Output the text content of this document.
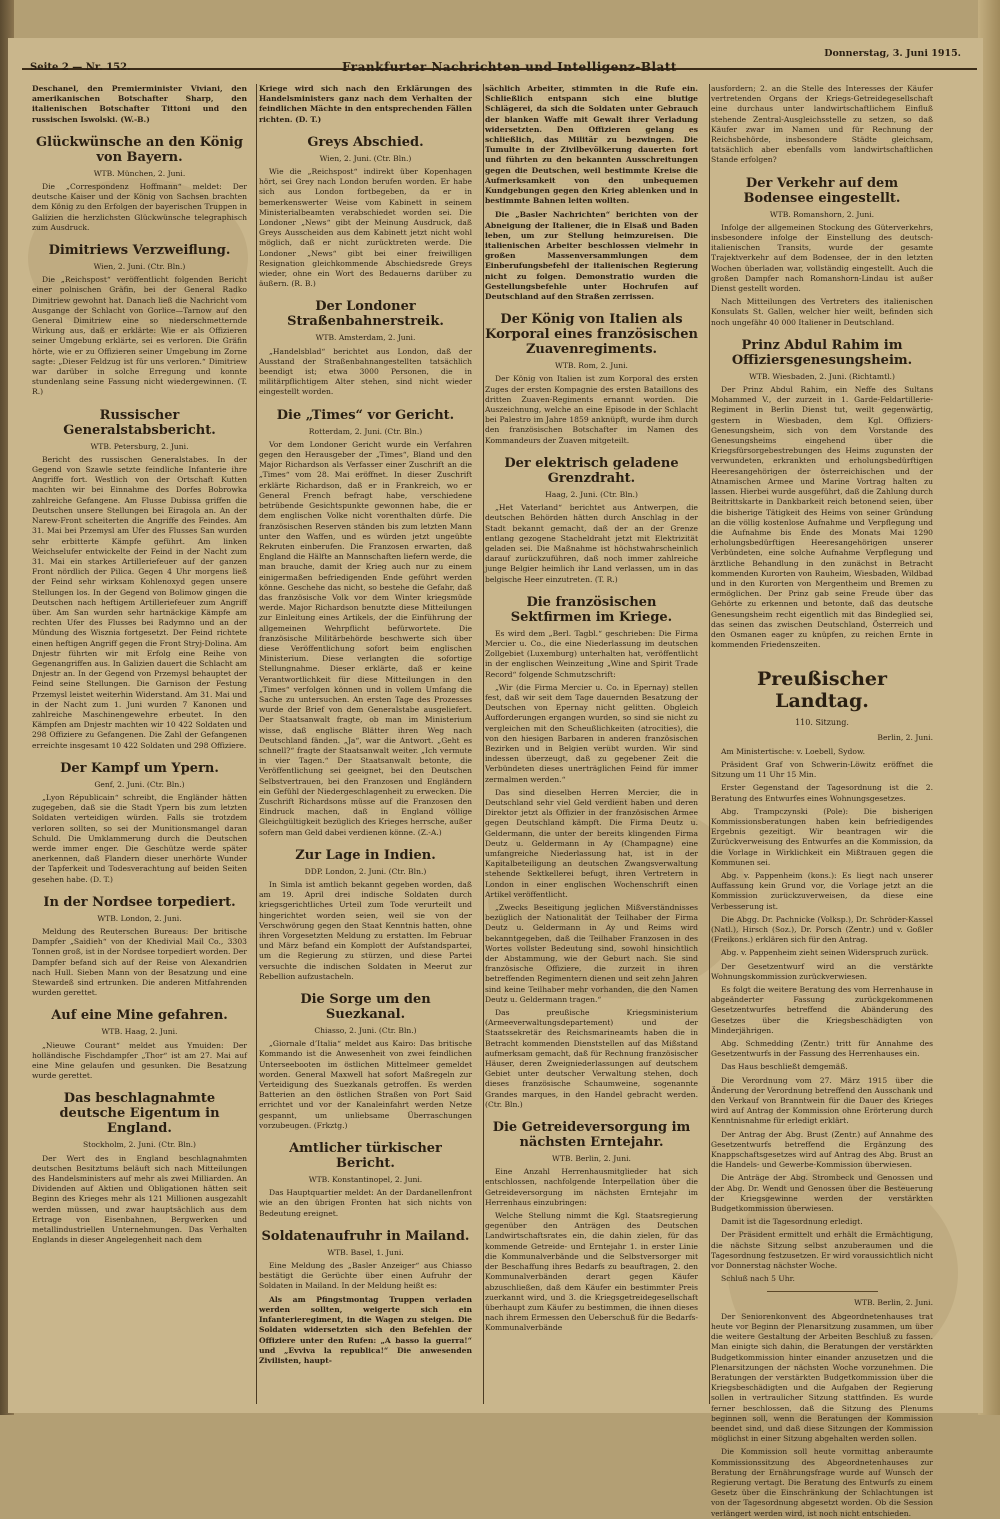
Seite 2 — Nr. 152.	Frankfurter Nachrichten und Intelligenz-Blatt
Donnerstag, 3. Juni 1915.
Deschanel, den Premierminister Viviani, den amerikanischen Botschafter Sharp, den italienischen Botschafter Tittoni und den russischen Iswolski. (W.-B.)
Glückwünsche an den König von Bayern.
WTB. München, 2. Juni.

Die „Correspondenz Hoffmann“ meldet: Der deutsche Kaiser und der König von Sachsen brachten dem König zu den Erfolgen der bayerischen Truppen in Galizien die herzlichsten Glückwünsche telegraphisch zum Ausdruck.

Dimitriews Verzweiflung.
Wien, 2. Juni. (Ctr. Bln.)

Die „Reichspost“ veröffentlicht folgenden Bericht einer polnischen Gräfin, bei der General Radko Dimitriew gewohnt hat. Danach ließ die Nachricht vom Ausgange der Schlacht von Gorlice—Tarnow auf den General Dimitriew eine so niederschmetternde Wirkung aus, daß er erklärte: Wie er als Offizieren seiner Umgebung erklärte, sei es verloren. Die Gräfin hörte, wie er zu Offizieren seiner Umgebung im Zorne sagte: „Dieser Feldzug ist für uns verloren.“ Dimitriew war darüber in solche Erregung und konnte stundenlang seine Fassung nicht wiedergewinnen. (T. R.)

Russischer Generalstabsbericht.
WTB. Petersburg, 2. Juni.

Bericht des russischen Generalstabes. In der Gegend von Szawle setzte feindliche Infanterie ihre Angriffe fort. Westlich von der Ortschaft Kutten machten wir bei Einnahme des Dorfes Bobrowka zahlreiche Gefangene. Am Flusse Dubissa griffen die Deutschen unsere Stellungen bei Eiragola an. An der Narew-Front scheiterten die Angriffe des Feindes. Am 31. Mai bei Przemysl am Ufer des Flusses San wurden sehr erbitterte Kämpfe geführt. Am linken Weichselufer entwickelte der Feind in der Nacht zum 31. Mai ein starkes Artilleriefeuer auf der ganzen Front nördlich der Pilica. Gegen 4 Uhr morgens ließ der Feind sehr wirksam Kohlenoxyd gegen unsere Stellungen los. In der Gegend von Bolimow gingen die Deutschen nach heftigem Artilleriefeuer zum Angriff über. Am San wurden sehr hartnäckige Kämpfe am rechten Ufer des Flusses bei Radymno und an der Mündung des Wisznia fortgesetzt. Der Feind richtete einen heftigen Angriff gegen die Front Stryj-Dolina. Am Dnjestr führten wir mit Erfolg eine Reihe von Gegenangriffen aus. In Galizien dauert die Schlacht am Dnjestr an. In der Gegend von Przemysl behauptet der Feind seine Stellungen. Die Garnison der Festung Przemysl leistet weiterhin Widerstand. Am 31. Mai und in der Nacht zum 1. Juni wurden 7 Kanonen und zahlreiche Maschinengewehre erbeutet. In den Kämpfen am Dnjestr machten wir 10 422 Soldaten und 298 Offiziere zu Gefangenen. Die Zahl der Gefangenen erreichte insgesamt 10 422 Soldaten und 298 Offiziere.

Der Kampf um Ypern.
Genf, 2. Juni. (Ctr. Bln.)

„Lyon Républicain“ schreibt, die Engländer hätten zugegeben, daß sie die Stadt Ypern bis zum letzten Soldaten verteidigen würden. Falls sie trotzdem verloren sollten, so sei der Munitionsmangel daran Schuld. Die Umklammerung durch die Deutschen werde immer enger. Die Geschütze werde später anerkennen, daß Flandern dieser unerhörte Wunder der Tapferkeit und Todesverachtung auf beiden Seiten gesehen habe. (D. T.)

In der Nordsee torpediert.
WTB. London, 2. Juni.

Meldung des Reuterschen Bureaus: Der britische Dampfer „Saidieh“ von der Khedivial Mail Co., 3303 Tonnen groß, ist in der Nordsee torpediert worden. Der Dampfer befand sich auf der Reise von Alexandrien nach Hull. Sieben Mann von der Besatzung und eine Stewardeß sind ertrunken. Die anderen Mitfahrenden wurden gerettet.

Auf eine Mine gefahren.
WTB. Haag, 2. Juni.

„Nieuwe Courant“ meldet aus Ymuiden: Der holländische Fischdampfer „Thor“ ist am 27. Mai auf eine Mine gelaufen und gesunken. Die Besatzung wurde gerettet.

Das beschlagnahmte deutsche Eigentum in England.
Stockholm, 2. Juni. (Ctr. Bln.)

Der Wert des in England beschlagnahmten deutschen Besitztums beläuft sich nach Mitteilungen des Handelsministers auf mehr als zwei Milliarden. An Dividenden auf Aktien und Obligationen hätten seit Beginn des Krieges mehr als 121 Millionen ausgezahlt werden müssen, und zwar hauptsächlich aus dem Ertrage von Eisenbahnen, Bergwerken und metallindustriellen Unternehmungen. Das Verhalten Englands in dieser Angelegenheit nach dem

Kriege wird sich nach den Erklärungen des Handelsministers ganz nach dem Verhalten der feindlichen Mächte in den entsprechenden Fällen richten. (D. T.)
Greys Abschied.
Wien, 2. Juni. (Ctr. Bln.)

Wie die „Reichspost“ indirekt über Kopenhagen hört, sei Grey nach London berufen worden. Er habe sich aus London fortbegeben, da er in bemerkenswerter Weise vom Kabinett in seinem Ministerialbeamten verabschiedet worden sei. Die Londoner „News“ gibt der Meinung Ausdruck, daß Greys Ausscheiden aus dem Kabinett jetzt nicht wohl möglich, daß er nicht zurücktreten werde. Die Londoner „News“ gibt bei einer freiwilligen Resignation gleichkommende Abschiedsrede Greys wieder, ohne ein Wort des Bedauerns darüber zu äußern. (R. B.)

Der Londoner Straßenbahnerstreik.
WTB. Amsterdam, 2. Juni.

„Handelsblad“ berichtet aus London, daß der Ausstand der Straßenbahnangestellten tatsächlich beendigt ist; etwa 3000 Personen, die in militärpflichtigem Alter stehen, sind nicht wieder eingestellt worden.

Die „Times“ vor Gericht.
Rotterdam, 2. Juni. (Ctr. Bln.)

Vor dem Londoner Gericht wurde ein Verfahren gegen den Herausgeber der „Times“, Bland und den Major Richardson als Verfasser einer Zuschrift an die „Times“ vom 28. Mai eröffnet. In dieser Zuschrift erklärte Richardson, daß er in Frankreich, wo er General French befragt habe, verschiedene betrübende Gesichtspunkte gewonnen habe, die er dem englischen Volke nicht vorenthalten dürfe. Die französischen Reserven ständen bis zum letzten Mann unter den Waffen, und es würden jetzt ungeübte Rekruten einberufen. Die Franzosen erwarten, daß England die Hälfte an Mannschaften liefern werde, die man brauche, damit der Krieg auch nur zu einem einigermaßen befriedigenden Ende geführt werden könne. Geschehe das nicht, so bestehe die Gefahr, daß das französische Volk vor dem Winter kriegsmüde werde. Major Richardson benutzte diese Mitteilungen zur Einleitung eines Artikels, der die Einführung der allgemeinen Wehrpflicht befürwortete. Die französische Militärbehörde beschwerte sich über diese Veröffentlichung sofort beim englischen Ministerium. Diese verlangten die sofortige Stellungnahme. Dieser erklärte, daß er keine Verantwortlichkeit für diese Mitteilungen in den „Times“ verfolgen können und in vollem Umfang die Sache zu untersuchen. An ersten Tage des Prozesses wurde der Brief von dem Generalstabe ausgeliefert. Der Staatsanwalt fragte, ob man im Ministerium wisse, daß englische Blätter ihren Weg nach Deutschland fänden. „Ja“, war die Antwort. „Geht es schnell?“ fragte der Staatsanwalt weiter. „Ich vermute in vier Tagen.“ Der Staatsanwalt betonte, die Veröffentlichung sei geeignet, bei den Deutschen Selbstvertrauen, bei den Franzosen und Engländern ein Gefühl der Niedergeschlagenheit zu erwecken. Die Zuschrift Richardsons müsse auf die Franzosen den Eindruck machen, daß in England völlige Gleichgültigkeit bezüglich des Krieges herrsche, außer sofern man Geld dabei verdienen könne. (Z.-A.)

Zur Lage in Indien.
DDP. London, 2. Juni. (Ctr. Bln.)

In Simla ist amtlich bekannt gegeben worden, daß am 19. April drei indische Soldaten durch kriegsgerichtliches Urteil zum Tode verurteilt und hingerichtet worden seien, weil sie von der Verschwörung gegen den Staat Kenntnis hatten, ohne ihren Vorgesetzten Meldung zu erstatten. Im Februar und März befand ein Komplott der Aufstandspartei, um die Regierung zu stürzen, und diese Partei versuchte die indischen Soldaten in Meerut zur Rebellion aufzustacheln.

Die Sorge um den Suezkanal.
Chiasso, 2. Juni. (Ctr. Bln.)

„Giornale d’Italia“ meldet aus Kairo: Das britische Kommando ist die Anwesenheit von zwei feindlichen Unterseebooten im östlichen Mittelmeer gemeldet worden. General Maxwell hat sofort Maßregeln zur Verteidigung des Suezkanals getroffen. Es werden Batterien an den östlichen Straßen von Port Said errichtet und vor der Kanaleinfahrt werden Netze gespannt, um unliebsame Überraschungen vorzubeugen. (Frkztg.)

Amtlicher türkischer Bericht.
WTB. Konstantinopel, 2. Juni.

Das Hauptquartier meldet: An der Dardanellenfront wie an den übrigen Fronten hat sich nichts von Bedeutung ereignet.

Soldatenaufruhr in Mailand.
WTB. Basel, 1. Juni.

Eine Meldung des „Basler Anzeiger“ aus Chiasso bestätigt die Gerüchte über einen Aufruhr der Soldaten in Mailand. In der Meldung heißt es:

Als am Pfingstmontag Truppen verladen werden sollten, weigerte sich ein Infanterieregiment, in die Wagen zu steigen. Die Soldaten widersetzten sich den Befehlen der Offiziere unter den Rufen: „A basso la guerra!“ und „Evviva la republica!“ Die anwesenden Zivilisten, haupt-

sächlich Arbeiter, stimmten in die Rufe ein. Schließlich entspann sich eine blutige Schlägerei, da sich die Soldaten unter Gebrauch der blanken Waffe mit Gewalt ihrer Verladung widersetzten. Den Offizieren gelang es schließlich, das Militär zu bezwingen. Die Tumulte in der Zivilbevölkerung dauerten fort und führten zu den bekannten Ausschreitungen gegen die Deutschen, weil bestimmte Kreise die Aufmerksamkeit von den unbequemen Kundgebungen gegen den Krieg ablenken und in bestimmte Bahnen leiten wollten.

Die „Basler Nachrichten“ berichten von der Abneigung der Italiener, die in Elsaß und Baden leben, um zur Stellung heimzureisen. Die italienischen Arbeiter beschlossen vielmehr in großen Massenversammlungen dem Einberufungsbefehl der italienischen Regierung nicht zu folgen. Demonstratio wurden die Gestellungsbefehle unter Hochrufen auf Deutschland auf den Straßen zerrissen.

Der König von Italien als Korporal eines französischen Zuavenregiments.
WTB. Rom, 2. Juni.

Der König von Italien ist zum Korporal des ersten Zuges der ersten Kompagnie des ersten Bataillons des dritten Zuaven-Regiments ernannt worden. Die Auszeichnung, welche an eine Episode in der Schlacht bei Palestro im Jahre 1859 anknüpft, wurde ihm durch den französischen Botschafter im Namen des Kommandeurs der Zuaven mitgeteilt.

Der elektrisch geladene Grenzdraht.
Haag, 2. Juni. (Ctr. Bln.)

„Het Vaterland“ berichtet aus Antwerpen, die deutschen Behörden hätten durch Anschlag in der Stadt bekannt gemacht, daß der an der Grenze entlang gezogene Stacheldraht jetzt mit Elektrizität geladen sei. Die Maßnahme ist höchstwahrscheinlich darauf zurückzuführen, daß noch immer zahlreiche junge Belgier heimlich ihr Land verlassen, um in das belgische Heer einzutreten. (T. R.)

Die französischen Sektfirmen im Kriege.

Es wird dem „Berl. Tagbl.“ geschrieben: Die Firma Mercier u. Co., die eine Niederlassung im deutschen Zollgebiet (Luxemburg) unterhalten hat, veröffentlicht in der englischen Weinzeitung „Wine and Spirit Trade Record“ folgende Schmutzschrift:

„Wir (die Firma Mercier u. Co. in Epernay) stellen fest, daß wir seit dem Tage dauernden Besatzung der Deutschen von Epernay nicht gelitten. Obgleich Aufforderungen ergangen wurden, so sind sie nicht zu vergleichen mit den Scheußlichkeiten (atrocities), die von den hiesigen Barbaren in anderen französischen Bezirken und in Belgien verübt wurden. Wir sind indessen überzeugt, daß zu gegebener Zeit die Verbündeten dieses unerträglichen Feind für immer zermalmen werden.“

Das sind dieselben Herren Mercier, die in Deutschland sehr viel Geld verdient haben und deren Direktor jetzt als Offizier in der französischen Armee gegen Deutschland kämpft. Die Firma Deutz u. Geldermann, die unter der bereits klingenden Firma Deutz u. Geldermann in Ay (Champagne) eine umfangreiche Niederlassung hat, ist in der Kapitalbeteiligung an deutschen Zwangsverwaltung stehende Sektkellerei befugt, ihren Vertretern in London in einer englischen Wochenschrift einen Artikel veröffentlicht.

„Zwecks Beseitigung jeglichen Mißverständnisses bezüglich der Nationalität der Teilhaber der Firma Deutz u. Geldermann in Ay und Reims wird bekanntgegeben, daß die Teilhaber Franzosen in des Wortes vollster Bedeutung sind, sowohl hinsichtlich der Abstammung, wie der Geburt nach. Sie sind französische Offiziere, die zurzeit in ihren betreffenden Regimentern dienen und seit zehn Jahren sind keine Teilhaber mehr vorhanden, die den Namen Deutz u. Geldermann tragen.“

Das preußische Kriegsministerium (Armeeverwaltungsdepartement) und der Staatssekretär des Reichsmarineamts haben die in Betracht kommenden Dienststellen auf das Mißstand aufmerksam gemacht, daß für Rechnung französischer Häuser, deren Zweigniederlassungen auf deutschem Gebiet unter deutscher Verwaltung stehen, doch dieses französische Schaumweine, sogenannte Grandes marques, in den Handel gebracht werden. (Ctr. Bln.)

Die Getreideversorgung im nächsten Erntejahr.
WTB. Berlin, 2. Juni.

Eine Anzahl Herrenhausmitglieder hat sich entschlossen, nachfolgende Interpellation über die Getreideversorgung im nächsten Erntejahr im Herrenhaus einzubringen:

Welche Stellung nimmt die Kgl. Staatsregierung gegenüber den Anträgen des Deutschen Landwirtschaftsrates ein, die dahin zielen, für das kommende Getreide- und Erntejahr 1. in erster Linie die Kommunalverbände und die Selbstversorger mit der Beschaffung ihres Bedarfs zu beauftragen, 2. den Kommunalverbänden derart gegen Käufer abzuschließen, daß dem Käufer ein bestimmter Preis zuerkannt wird, und 3. die Kriegsgetreidegesellschaft überhaupt zum Käufer zu bestimmen, die ihnen dieses nach ihrem Ermessen den Ueberschuß für die Bedarfs-Kommunalverbände

ausfordern; 2. an die Stelle des Interesses der Käufer vertretenden Organs der Kriegs-Getreidegesellschaft eine durchaus unter landwirtschaftlichem Einfluß stehende Zentral-Ausgleichsstelle zu setzen, so daß Käufer zwar im Namen und für Rechnung der Reichsbehörde, insbesondere Städte gleichsam, tatsächlich aber ebenfalls vom landwirtschaftlichen Stande erfolgen?
Der Verkehr auf dem Bodensee eingestellt.
WTB. Romanshorn, 2. Juni.

Infolge der allgemeinen Stockung des Güterverkehrs, insbesondere infolge der Einstellung des deutsch-italienischen Transits, wurde der gesamte Trajektverkehr auf dem Bodensee, der in den letzten Wochen überladen war, vollständig eingestellt. Auch die großen Dampfer nach Romanshorn-Lindau ist außer Dienst gestellt worden.

Nach Mitteilungen des Vertreters des italienischen Konsulats St. Gallen, welcher hier weilt, befinden sich noch ungefähr 40 000 Italiener in Deutschland.

Prinz Abdul Rahim im Offiziersgenesungsheim.
WTB. Wiesbaden, 2. Juni. (Richtamtl.)

Der Prinz Abdul Rahim, ein Neffe des Sultans Mohammed V., der zurzeit in 1. Garde-Feldartillerie-Regiment in Berlin Dienst tut, weilt gegenwärtig, gestern in Wiesbaden, dem Kgl. Offiziers-Genesungsheim, sich von dem Vorstande des Genesungsheims eingehend über die Kriegsfürsorgebestrebungen des Heims zugunsten der verwundeten, erkrankten und erholungsbedürftigen Heeresangehörigen der österreichischen und der Atnamischen Armee und Marine Vortrag halten zu lassen. Hierbei wurde ausgeführt, daß die Zahlung durch Beitrittskarte in Dankbarkeit reich betonend seien, über die bisherige Tätigkeit des Heims von seiner Gründung an die völlig kostenlose Aufnahme und Verpflegung und die Aufnahme bis Ende des Monats Mai 1290 erholungsbedürftigen Heeresangehörigen unserer Verbündeten, eine solche Aufnahme Verpflegung und ärztliche Behandlung in den zunächst in Betracht kommenden Kurorten von Rauheim, Wiesbaden, Wildbad und in den Kurorten von Mergentheim und Bremen zu ermöglichen. Der Prinz gab seine Freude über das Gehörte zu erkennen und betonte, daß das deutsche Genesungsheim recht eigentlich mit das Bindeglied sei, das seinen das zwischen Deutschland, Österreich und den Osmanen eager zu knüpfen, zu reichen Ernte in kommenden Friedenszeiten.

Preußischer Landtag.
110. Sitzung.
Berlin, 2. Juni.

Am Ministertische: v. Loebell, Sydow.

Präsident Graf von Schwerin-Löwitz eröffnet die Sitzung um 11 Uhr 15 Min.

Erster Gegenstand der Tagesordnung ist die 2. Beratung des Entwurfes eines Wohnungsgesetzes.

Abg. Trampczynski (Pole): Die bisherigen Kommissionsberatungen haben kein befriedigendes Ergebnis gezeitigt. Wir beantragen wir die Zurückverweisung des Entwurfes an die Kommission, da die Vorlage in Wirklichkeit ein Mißtrauen gegen die Kommunen sei.

Abg. v. Pappenheim (kons.): Es liegt nach unserer Auffassung kein Grund vor, die Vorlage jetzt an die Kommission zurückzuverweisen, da diese eine Verbesserung ist.

Die Abgg. Dr. Pachnicke (Volksp.), Dr. Schröder-Kassel (Natl.), Hirsch (Soz.), Dr. Porsch (Zentr.) und v. Goßler (Freikons.) erklären sich für den Antrag.

Abg. v. Pappenheim zieht seinen Widerspruch zurück.

Der Gesetzentwurf wird an die verstärkte Wohnungskommission zurückverwiesen.

Es folgt die weitere Beratung des vom Herrenhause in abgeänderter Fassung zurückgekommenen Gesetzentwurfes betreffend die Abänderung des Gesetzes über die Kriegsbeschädigten von Minderjährigen.

Abg. Schmedding (Zentr.) tritt für Annahme des Gesetzentwurfs in der Fassung des Herrenhauses ein.

Das Haus beschließt demgemäß.

Die Verordnung vom 27. März 1915 über die Änderung der Verordnung betreffend den Ausschank und den Verkauf von Branntwein für die Dauer des Krieges wird auf Antrag der Kommission ohne Erörterung durch Kenntnisnahme für erledigt erklärt.

Der Antrag der Abg. Brust (Zentr.) auf Annahme des Gesetzentwurfs betreffend die Ergänzung des Knappschaftsgesetzes wird auf Antrag des Abg. Brust an die Handels- und Gewerbe-Kommission überwiesen.

Die Anträge der Abg. Strombeck und Genossen und der Abg. Dr. Wendt und Genossen über die Besteuerung der Kriegsgewinne werden der verstärkten Budgetkommission überwiesen.

Damit ist die Tagesordnung erledigt.

Der Präsident ermittelt und erhält die Ermächtigung, die nächste Sitzung selbst anzuberaumen und die Tagesordnung festzusetzen. Er wird voraussichtlich nicht vor Donnerstag nächster Woche.

Schluß nach 5 Uhr.

WTB. Berlin, 2. Juni.

Der Seniorenkonvent des Abgeordnetenhauses trat heute vor Beginn der Plenarsitzung zusammen, um über die weitere Gestaltung der Arbeiten Beschluß zu fassen. Man einigte sich dahin, die Beratungen der verstärkten Budgetkommission hinter einander anzusetzen und die Plenarsitzungen der nächsten Woche vorzunehmen. Die Beratungen der verstärkten Budgetkommission über die Kriegsbeschädigten und die Aufgaben der Regierung sollen in vertraulicher Sitzung stattfinden. Es wurde ferner beschlossen, daß die Sitzung des Plenums beginnen soll, wenn die Beratungen der Kommission beendet sind, und daß diese Sitzungen der Kommission möglichst in einer Sitzung abgehalten werden sollen.

Die Kommission soll heute vormittag anberaumte Kommissionssitzung des Abgeordnetenhauses zur Beratung der Ernährungsfrage wurde auf Wunsch der Regierung vertagt. Die Beratung des Entwurfs zu einem Gesetz über die Einschränkung der Schlachtungen ist von der Tagesordnung abgesetzt worden. Ob die Session verlängert werden wird, ist noch nicht entschieden.
